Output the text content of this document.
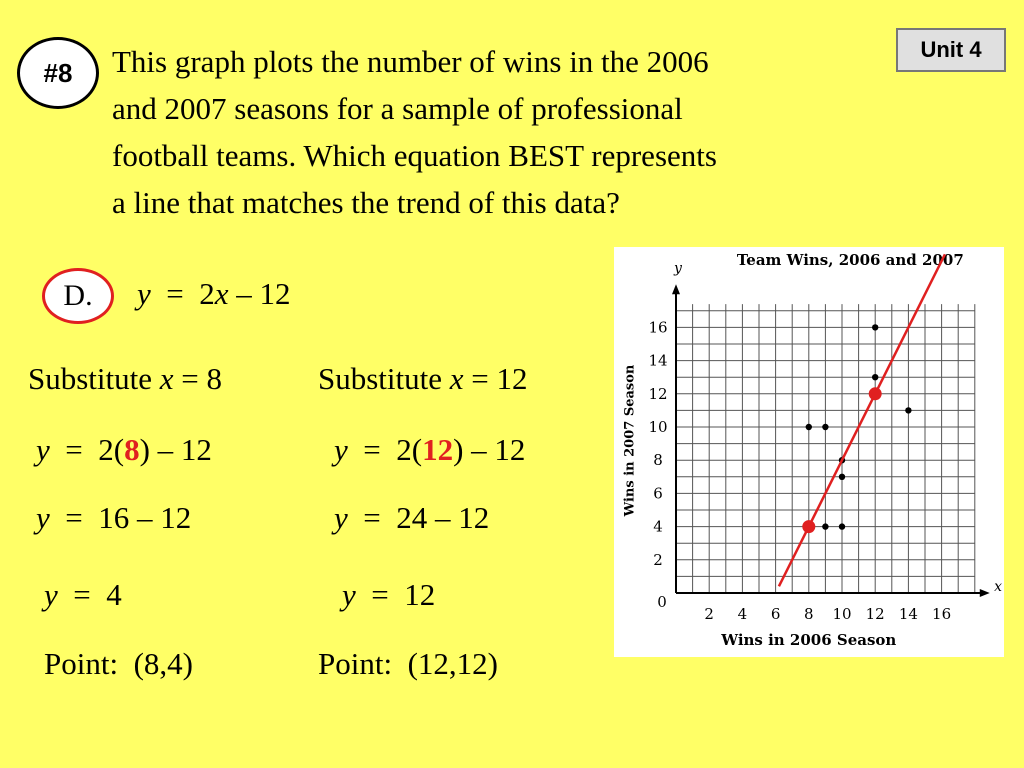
#8
Unit 4
This graph plots the number of wins in the 2006
and 2007 seasons for a sample of professional
football teams. Which equation BEST represents
a line that matches the trend of this data?
D.	y = 2x – 12
Substitute x = 8
y  =  2(8) – 12
y  =  16 – 12
y  =  4
Point:  (8,4)
Substitute x = 12
y  =  2(12) – 12
y  =  24 – 12
y  =  12
Point:  (12,12)
2 4 6 8 10 12 14 16
2
4
6
8
10
12
14
16
0
x
y	Team Wins, 2006 and 2007
Wins in 2006 Season
Wins in 2007 Season
